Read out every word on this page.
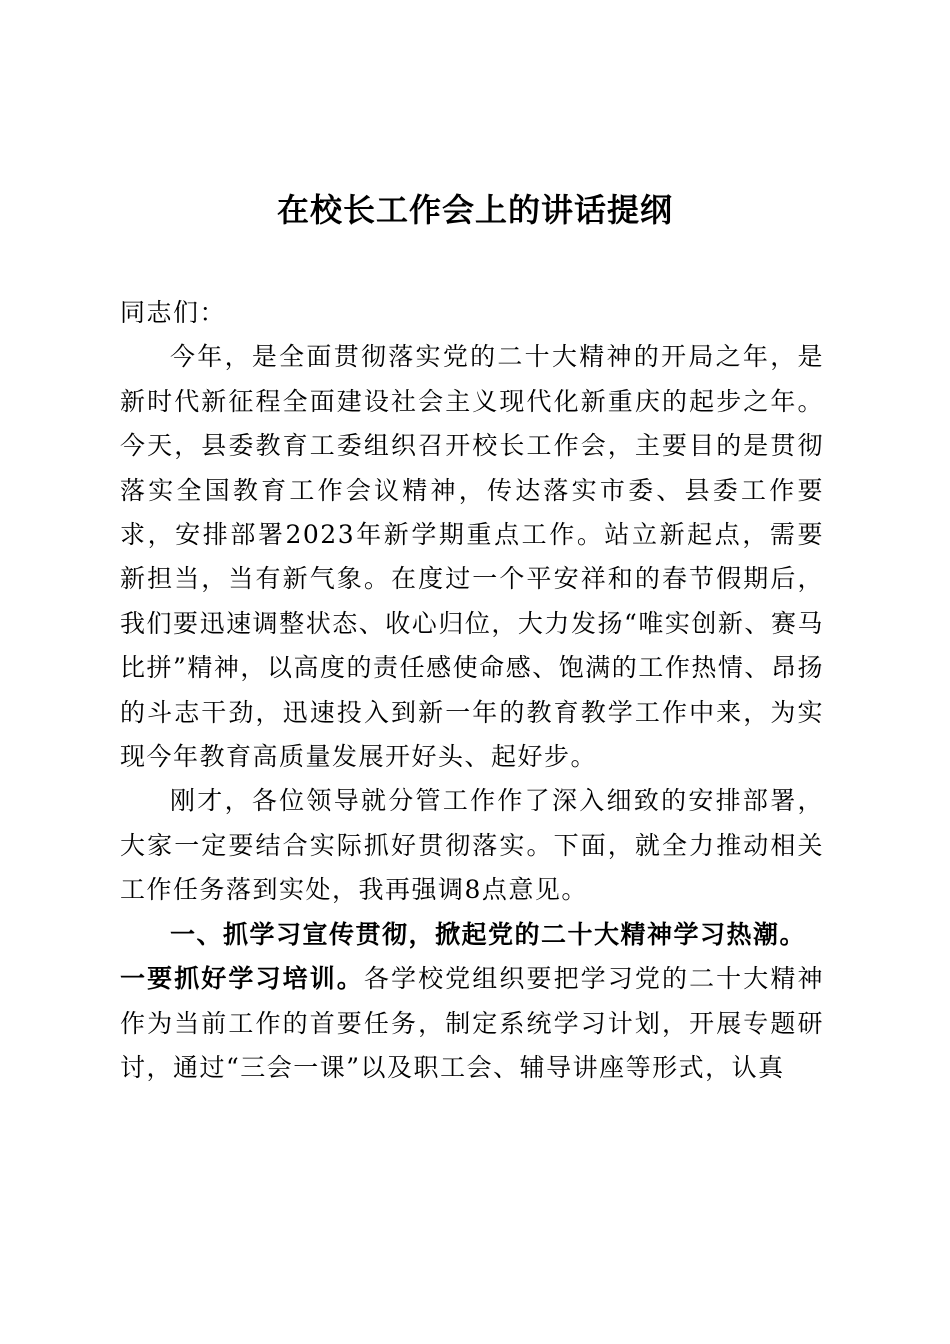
在校长工作会上的讲话提纲

同志们：

今年，是全面贯彻落实党的二十大精神的开局之年，是新时代新征程全面建设社会主义现代化新重庆的起步之年。今天，县委教育工委组织召开校长工作会，主要目的是贯彻落实全国教育工作会议精神，传达落实市委、县委工作要求，安排部署2023年新学期重点工作。站立新起点，需要新担当，当有新气象。在度过一个平安祥和的春节假期后，我们要迅速调整状态、收心归位，大力发扬“唯实创新、赛马比拼”精神，以高度的责任感使命感、饱满的工作热情、昂扬的斗志干劲，迅速投入到新一年的教育教学工作中来，为实现今年教育高质量发展开好头、起好步。

刚才，各位领导就分管工作作了深入细致的安排部署，大家一定要结合实际抓好贯彻落实。下面，就全力推动相关工作任务落到实处，我再强调8点意见。

一、抓学习宣传贯彻，掀起党的二十大精神学习热潮。

一要抓好学习培训。各学校党组织要把学习党的二十大精神作为当前工作的首要任务，制定系统学习计划，开展专题研讨，通过“三会一课”以及职工会、辅导讲座等形式，认真
